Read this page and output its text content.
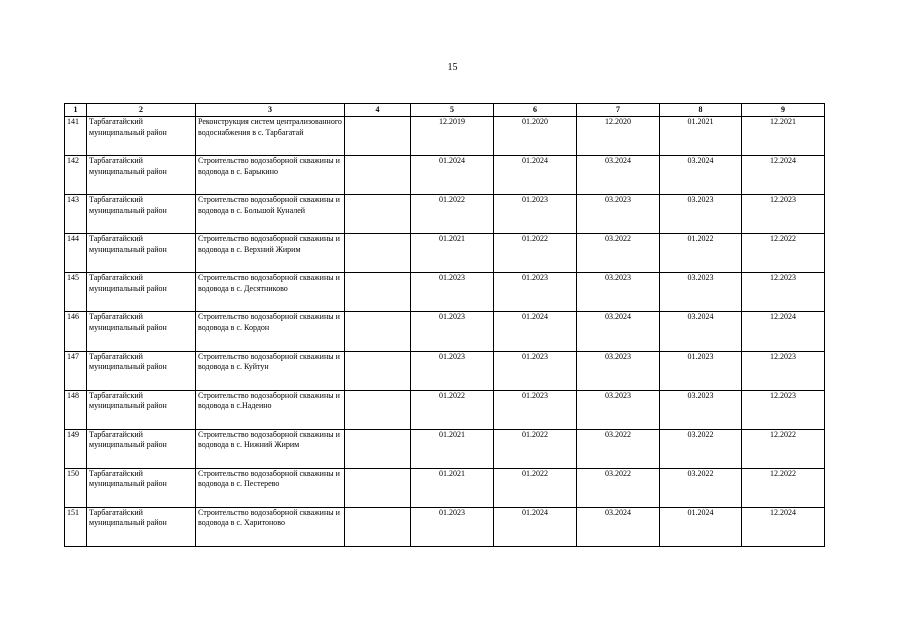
15
1	2	3	4	5	6	7	8	9
141	Тарбагатайский муниципальный район	Реконструкция систем централизованного водоснабжения в с. Тарбагатай		12.2019	01.2020	12.2020	01.2021	12.2021
142	Тарбагатайский муниципальный район	Строительство водозаборной скважины и водовода в с. Барыкино		01.2024	01.2024	03.2024	03.2024	12.2024
143	Тарбагатайский муниципальный район	Строительство водозаборной скважины и водовода в с. Большой Куналей		01.2022	01.2023	03.2023	03.2023	12.2023
144	Тарбагатайский муниципальный район	Строительство водозаборной скважины и водовода в с. Верхний Жирим		01.2021	01.2022	03.2022	01.2022	12.2022
145	Тарбагатайский муниципальный район	Строительство водозаборной скважины и водовода в с. Десятниково		01.2023	01.2023	03.2023	03.2023	12.2023
146	Тарбагатайский муниципальный район	Строительство водозаборной скважины и водовода в с. Кордон		01.2023	01.2024	03.2024	03.2024	12.2024
147	Тарбагатайский муниципальный район	Строительство водозаборной скважины и водовода в с. Куйтун		01.2023	01.2023	03.2023	01.2023	12.2023
148	Тарбагатайский муниципальный район	Строительство водозаборной скважины и водовода в с.Надеино		01.2022	01.2023	03.2023	03.2023	12.2023
149	Тарбагатайский муниципальный район	Строительство водозаборной скважины и водовода в с. Нижний Жирим		01.2021	01.2022	03.2022	03.2022	12.2022
150	Тарбагатайский муниципальный район	Строительство водозаборной скважины и водовода в с. Пестерево		01.2021	01.2022	03.2022	03.2022	12.2022
151	Тарбагатайский муниципальный район	Строительство водозаборной скважины и водовода в с. Харитоново		01.2023	01.2024	03.2024	01.2024	12.2024
